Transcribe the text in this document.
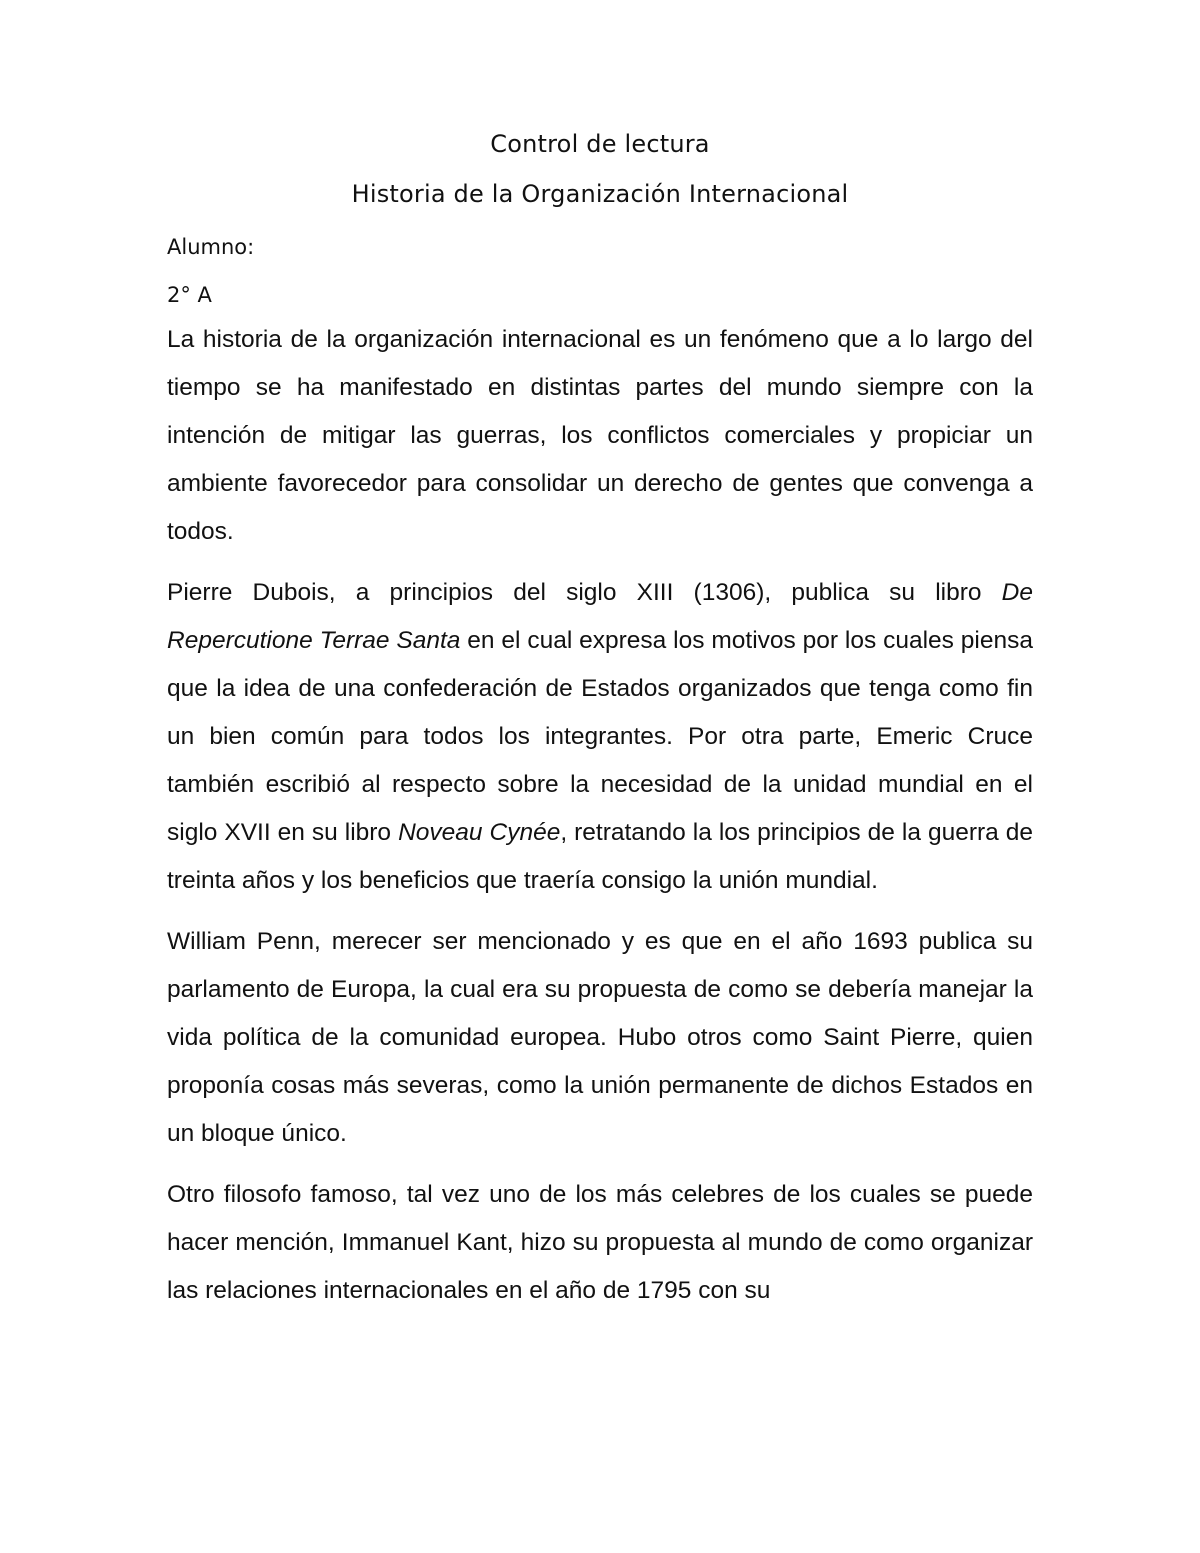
Control de lectura
Historia de la Organización Internacional

Alumno:

2° A

La historia de la organización internacional es un fenómeno que a lo largo del tiempo se ha manifestado en distintas partes del mundo siempre con la intención de mitigar las guerras, los conflictos comerciales y propiciar un ambiente favorecedor para consolidar un derecho de gentes que convenga a todos.

Pierre Dubois, a principios del siglo XIII (1306), publica su libro De Repercutione Terrae Santa en el cual expresa los motivos por los cuales piensa que la idea de una confederación de Estados organizados que tenga como fin un bien común para todos los integrantes. Por otra parte, Emeric Cruce también escribió al respecto sobre la necesidad de la unidad mundial en el siglo XVII en su libro Noveau Cynée, retratando la los principios de la guerra de treinta años y los beneficios que traería consigo la unión mundial.

William Penn, merecer ser mencionado y es que en el año 1693 publica su parlamento de Europa, la cual era su propuesta de como se debería manejar la vida política de la comunidad europea. Hubo otros como Saint Pierre, quien proponía cosas más severas, como la unión permanente de dichos Estados en un bloque único.

Otro filosofo famoso, tal vez uno de los más celebres de los cuales se puede hacer mención, Immanuel Kant, hizo su propuesta al mundo de como organizar las relaciones internacionales en el año de 1795 con su
